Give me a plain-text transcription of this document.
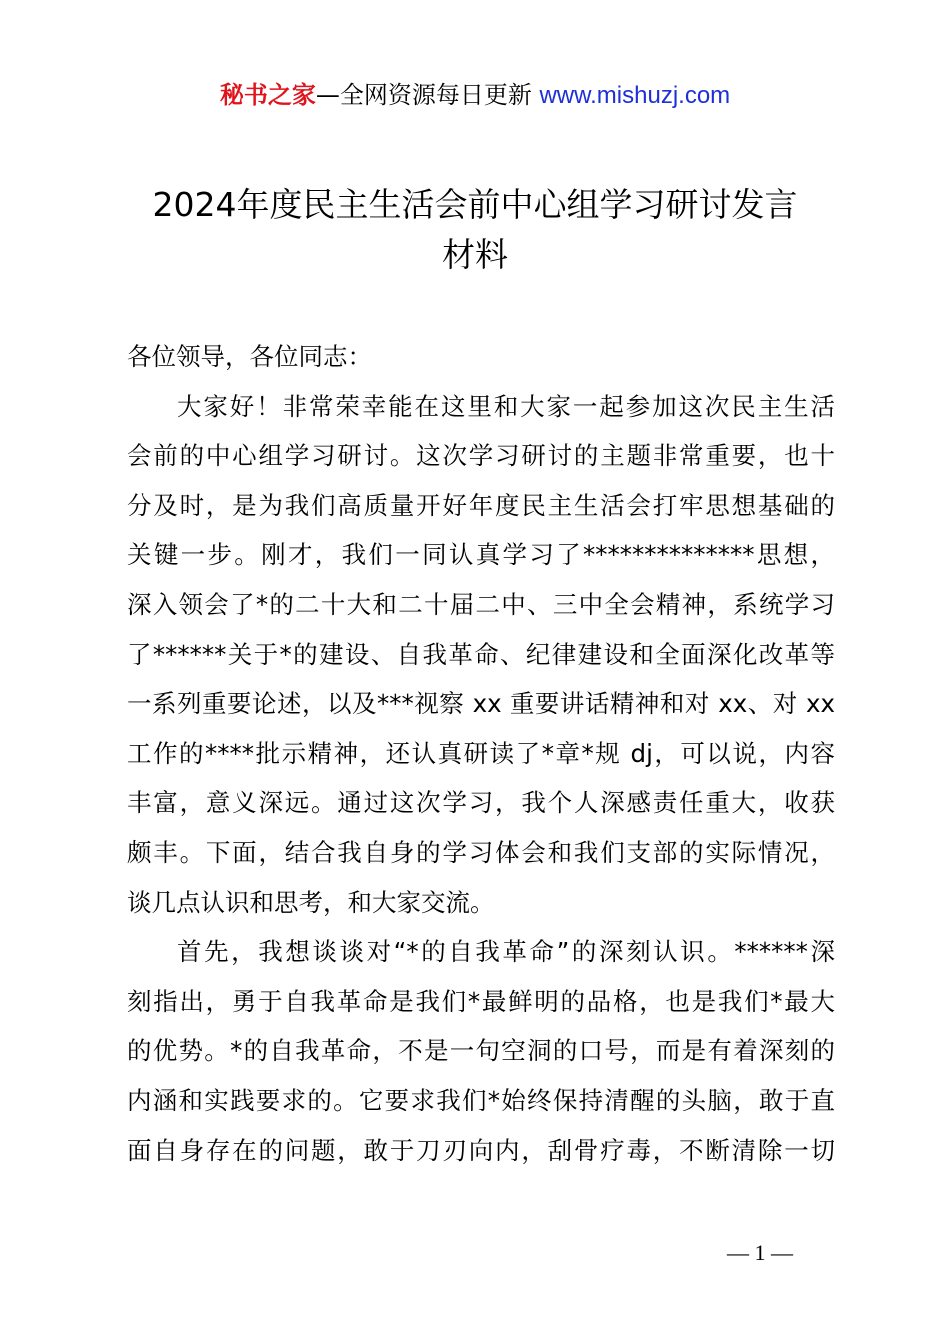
秘书之家—全网资源每日更新 www.mishuzj.com
2024年度民主生活会前中心组学习研讨发言
材料

各位领导，各位同志：

大家好！非常荣幸能在这里和大家一起参加这次民主生活
会前的中心组学习研讨。这次学习研讨的主题非常重要，也十
分及时，是为我们高质量开好年度民主生活会打牢思想基础的
关键一步。刚才，我们一同认真学习了**************思想，
深入领会了*的二十大和二十届二中、三中全会精神，系统学习
了******关于*的建设、自我革命、纪律建设和全面深化改革等
一系列重要论述，以及***视察 xx 重要讲话精神和对 xx、对 xx
工作的****批示精神，还认真研读了*章*规 dj，可以说，内容
丰富，意义深远。通过这次学习，我个人深感责任重大，收获
颇丰。下面，结合我自身的学习体会和我们支部的实际情况，
谈几点认识和思考，和大家交流。

首先，我想谈谈对“*的自我革命”的深刻认识。******深
刻指出，勇于自我革命是我们*最鲜明的品格，也是我们*最大
的优势。*的自我革命，不是一句空洞的口号，而是有着深刻的
内涵和实践要求的。它要求我们*始终保持清醒的头脑，敢于直
面自身存在的问题，敢于刀刃向内，刮骨疗毒，不断清除一切

— 1 —
